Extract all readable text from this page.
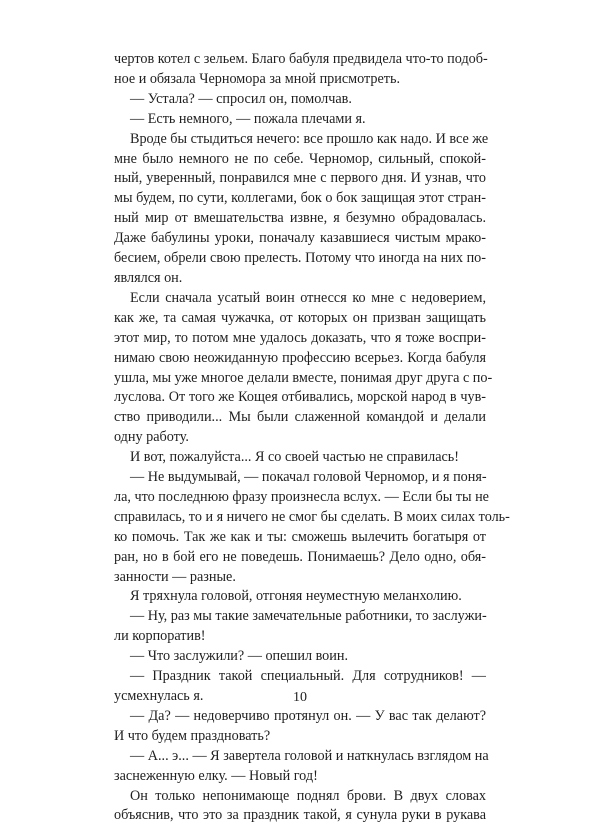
чертов котел с зельем. Благо бабуля предвидела что-то подоб-
ное и обязала Черномора за мной присмотреть.

— Устала? — спросил он, помолчав.

— Есть немного, — пожала плечами я.

Вроде бы стыдиться нечего: все прошло как надо. И все же
мне было немного не по себе. Черномор, сильный, спокой-
ный, уверенный, понравился мне с первого дня. И узнав, что
мы будем, по сути, коллегами, бок о бок защищая этот стран-
ный мир от вмешательства извне, я безумно обрадовалась.
Даже бабулины уроки, поначалу казавшиеся чистым мрако-
бесием, обрели свою прелесть. Потому что иногда на них по-
являлся он.

Если сначала усатый воин отнесся ко мне с недоверием,
как же, та самая чужачка, от которых он призван защищать
этот мир, то потом мне удалось доказать, что я тоже воспри-
нимаю свою неожиданную профессию всерьез. Когда бабуля
ушла, мы уже многое делали вместе, понимая друг друга с по-
луслова. От того же Кощея отбивались, морской народ в чув-
ство приводили... Мы были слаженной командой и делали
одну работу.

И вот, пожалуйста... Я со своей частью не справилась!

— Не выдумывай, — покачал головой Черномор, и я поня-
ла, что последнюю фразу произнесла вслух. — Если бы ты не
справилась, то и я ничего не смог бы сделать. В моих силах толь-
ко помочь. Так же как и ты: сможешь вылечить богатыря от
ран, но в бой его не поведешь. Понимаешь? Дело одно, обя-
занности — разные.

Я тряхнула головой, отгоняя неуместную меланхолию.

— Ну, раз мы такие замечательные работники, то заслужи-
ли корпоратив!

— Что заслужили? — опешил воин.

— Праздник такой специальный. Для сотрудников! —
усмехнулась я.

— Да? — недоверчиво протянул он. — У вас так делают?
И что будем праздновать?

— А... э... — Я завертела головой и наткнулась взглядом на
заснеженную елку. — Новый год!

Он только непонимающе поднял брови. В двух словах
объяснив, что это за праздник такой, я сунула руки в рукава

10
